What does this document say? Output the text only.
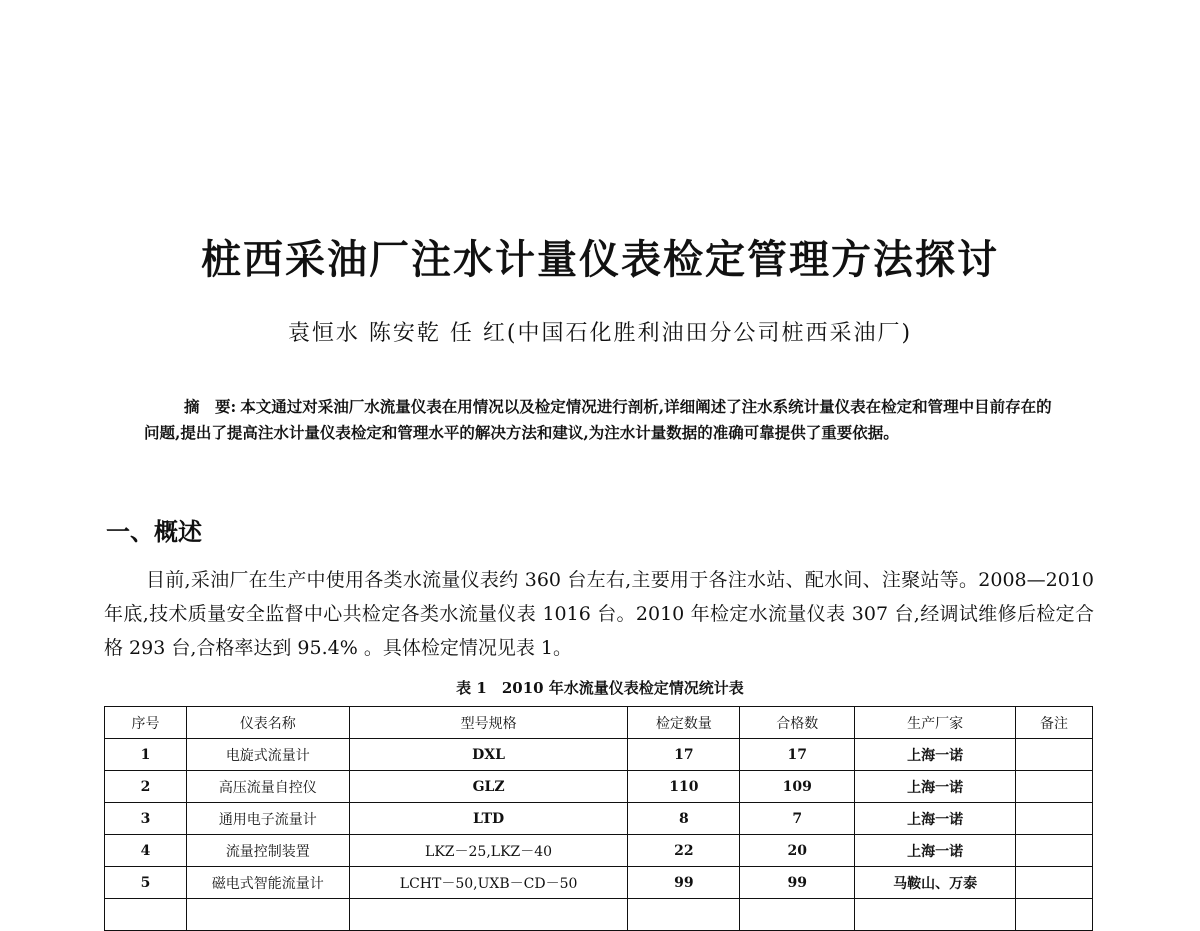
桩西采油厂注水计量仪表检定管理方法探讨
袁恒水 陈安乾 任 红(中国石化胜利油田分公司桩西采油厂)
摘　要: 本文通过对采油厂水流量仪表在用情况以及检定情况进行剖析,详细阐述了注水系统计量仪表在检定和管理中目前存在的问题,提出了提高注水计量仪表检定和管理水平的解决方法和建议,为注水计量数据的准确可靠提供了重要依据。
一、概述

目前,采油厂在生产中使用各类水流量仪表约 360 台左右,主要用于各注水站、配水间、注聚站等。2008—2010 年底,技术质量安全监督中心共检定各类水流量仪表 1016 台。2010 年检定水流量仪表 307 台,经调试维修后检定合格 293 台,合格率达到 95.4% 。具体检定情况见表 1。

表 1　2010 年水流量仪表检定情况统计表
序号	仪表名称	型号规格	检定数量	合格数	生产厂家	备注
1	电旋式流量计	DXL	17	17	上海一诺	
2	高压流量自控仪	GLZ	110	109	上海一诺	
3	通用电子流量计	LTD	8	7	上海一诺	
4	流量控制装置	LKZ－25,LKZ－40	22	20	上海一诺	
5	磁电式智能流量计	LCHT－50,UXB－CD－50	99	99	马鞍山、万泰	
